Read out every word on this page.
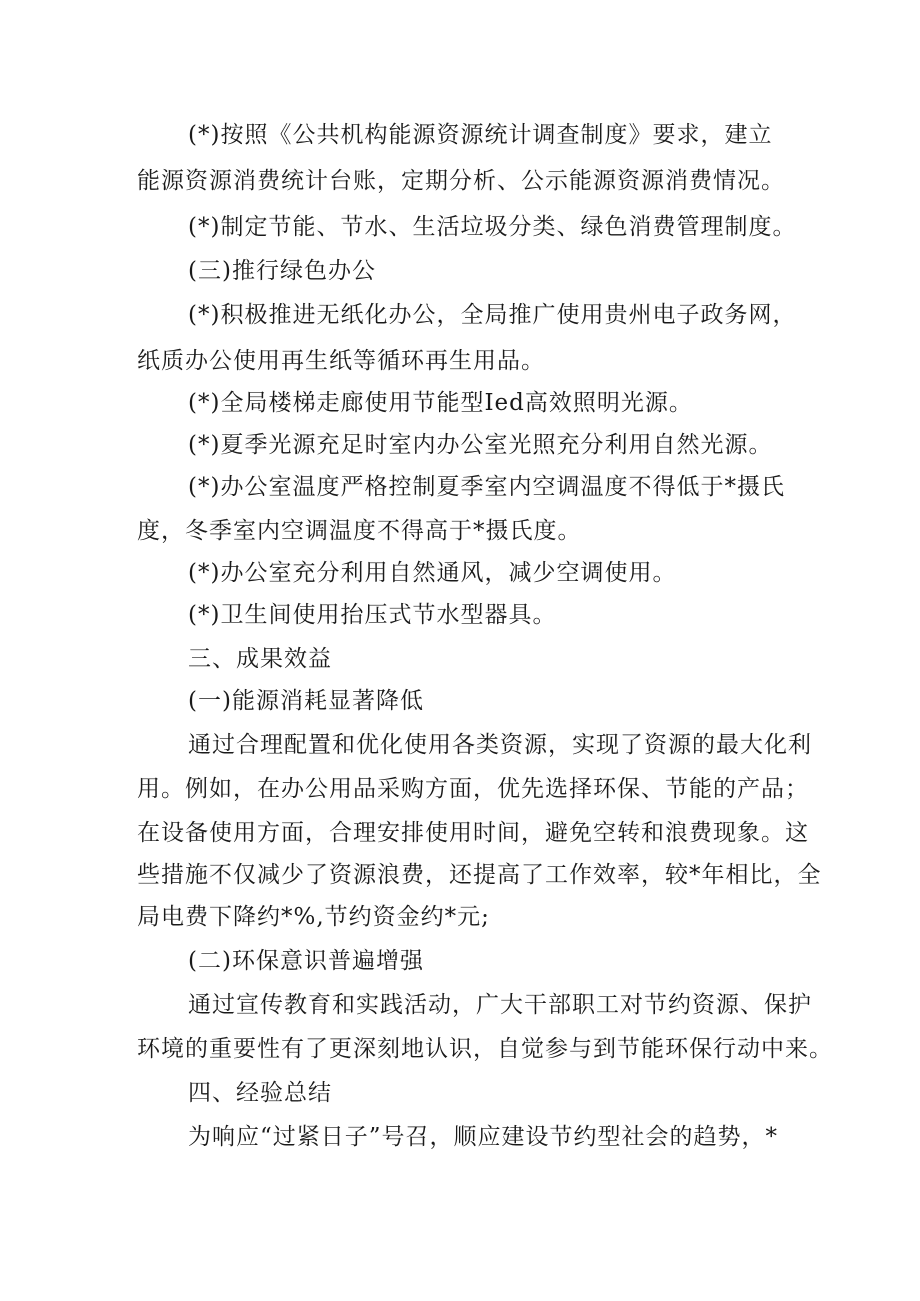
(*)按照《公共机构能源资源统计调查制度》要求，建立

能源资源消费统计台账，定期分析、公示能源资源消费情况。

(*)制定节能、节水、生活垃圾分类、绿色消费管理制度。

(三)推行绿色办公

(*)积极推进无纸化办公，全局推广使用贵州电子政务网，

纸质办公使用再生纸等循环再生用品。

(*)全局楼梯走廊使用节能型Ied高效照明光源。

(*)夏季光源充足时室内办公室光照充分利用自然光源。

(*)办公室温度严格控制夏季室内空调温度不得低于*摄氏

度，冬季室内空调温度不得高于*摄氏度。

(*)办公室充分利用自然通风，减少空调使用。

(*)卫生间使用抬压式节水型器具。

三、成果效益

(一)能源消耗显著降低

通过合理配置和优化使用各类资源，实现了资源的最大化利

用。例如，在办公用品采购方面，优先选择环保、节能的产品；

在设备使用方面，合理安排使用时间，避免空转和浪费现象。这

些措施不仅减少了资源浪费，还提高了工作效率，较*年相比，全

局电费下降约*%,节约资金约*元;

(二)环保意识普遍增强

通过宣传教育和实践活动，广大干部职工对节约资源、保护

环境的重要性有了更深刻地认识，自觉参与到节能环保行动中来。

四、经验总结

为响应“过紧日子”号召，顺应建设节约型社会的趋势，*
